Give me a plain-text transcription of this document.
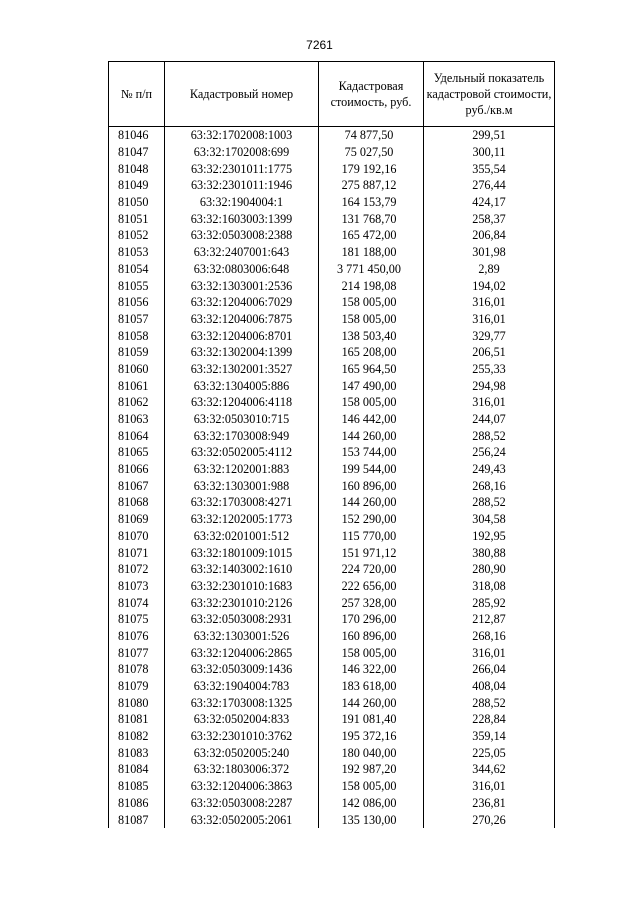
7261
№ п/п	Кадастровый номер	Кадастровая стоимость, руб.	Удельный показатель кадастровой стоимости, руб./кв.м
81046	63:32:1702008:1003	74 877,50	299,51
81047	63:32:1702008:699	75 027,50	300,11
81048	63:32:2301011:1775	179 192,16	355,54
81049	63:32:2301011:1946	275 887,12	276,44
81050	63:32:1904004:1	164 153,79	424,17
81051	63:32:1603003:1399	131 768,70	258,37
81052	63:32:0503008:2388	165 472,00	206,84
81053	63:32:2407001:643	181 188,00	301,98
81054	63:32:0803006:648	3 771 450,00	2,89
81055	63:32:1303001:2536	214 198,08	194,02
81056	63:32:1204006:7029	158 005,00	316,01
81057	63:32:1204006:7875	158 005,00	316,01
81058	63:32:1204006:8701	138 503,40	329,77
81059	63:32:1302004:1399	165 208,00	206,51
81060	63:32:1302001:3527	165 964,50	255,33
81061	63:32:1304005:886	147 490,00	294,98
81062	63:32:1204006:4118	158 005,00	316,01
81063	63:32:0503010:715	146 442,00	244,07
81064	63:32:1703008:949	144 260,00	288,52
81065	63:32:0502005:4112	153 744,00	256,24
81066	63:32:1202001:883	199 544,00	249,43
81067	63:32:1303001:988	160 896,00	268,16
81068	63:32:1703008:4271	144 260,00	288,52
81069	63:32:1202005:1773	152 290,00	304,58
81070	63:32:0201001:512	115 770,00	192,95
81071	63:32:1801009:1015	151 971,12	380,88
81072	63:32:1403002:1610	224 720,00	280,90
81073	63:32:2301010:1683	222 656,00	318,08
81074	63:32:2301010:2126	257 328,00	285,92
81075	63:32:0503008:2931	170 296,00	212,87
81076	63:32:1303001:526	160 896,00	268,16
81077	63:32:1204006:2865	158 005,00	316,01
81078	63:32:0503009:1436	146 322,00	266,04
81079	63:32:1904004:783	183 618,00	408,04
81080	63:32:1703008:1325	144 260,00	288,52
81081	63:32:0502004:833	191 081,40	228,84
81082	63:32:2301010:3762	195 372,16	359,14
81083	63:32:0502005:240	180 040,00	225,05
81084	63:32:1803006:372	192 987,20	344,62
81085	63:32:1204006:3863	158 005,00	316,01
81086	63:32:0503008:2287	142 086,00	236,81
81087	63:32:0502005:2061	135 130,00	270,26
